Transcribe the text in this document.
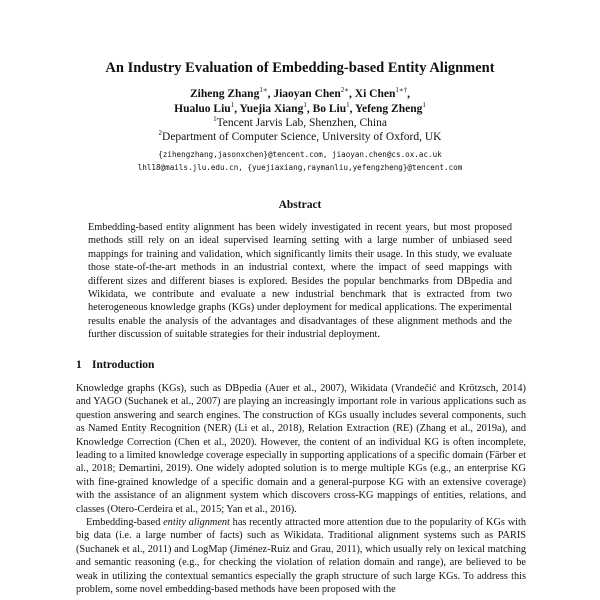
An Industry Evaluation of Embedding-based Entity Alignment
Ziheng Zhang$^{1∗}$, Jiaoyan Chen$^{2∗}$, Xi Chen$^{1∗\dagger}$,
Hualuo Liu$^1$, Yuejia Xiang$^1$, Bo Liu$^1$, Yefeng Zheng$^1$
$^1$Tencent Jarvis Lab, Shenzhen, China
$^2$Department of Computer Science, University of Oxford, UK
{zihengzhang,jasonxchen}@tencent.com, jiaoyan.chen@cs.ox.ac.uk
lhl18@mails.jlu.edu.cn, {yuejiaxiang,raymanliu,yefengzheng}@tencent.com
Abstract
Embedding-based entity alignment has been widely investigated in recent years, but most proposed methods still rely on an ideal supervised learning setting with a large number of unbiased seed mappings for training and validation, which significantly limits their usage. In this study, we evaluate those state-of-the-art methods in an industrial context, where the impact of seed mappings with different sizes and different biases is explored. Besides the popular benchmarks from DBpedia and Wikidata, we contribute and evaluate a new industrial benchmark that is extracted from two heterogeneous knowledge graphs (KGs) under deployment for medical applications. The experimental results enable the analysis of the advantages and disadvantages of these alignment methods and the further discussion of suitable strategies for their industrial deployment.
1 Introduction

Knowledge graphs (KGs), such as DBpedia (Auer et al., 2007), Wikidata (Vrandečić and Krötzsch, 2014) and YAGO (Suchanek et al., 2007) are playing an increasingly important role in various applications such as question answering and search engines. The construction of KGs usually includes several components, such as Named Entity Recognition (NER) (Li et al., 2018), Relation Extraction (RE) (Zhang et al., 2019a), and Knowledge Correction (Chen et al., 2020). However, the content of an individual KG is often incomplete, leading to a limited knowledge coverage especially in supporting applications of a specific domain (Färber et al., 2018; Demartini, 2019). One widely adopted solution is to merge multiple KGs (e.g., an enterprise KG with fine-grained knowledge of a specific domain and a general-purpose KG with an extensive coverage) with the assistance of an alignment system which discovers cross-KG mappings of entities, relations, and classes (Otero-Cerdeira et al., 2015; Yan et al., 2016).

Embedding-based entity alignment has recently attracted more attention due to the popularity of KGs with big data (i.e. a large number of facts) such as Wikidata. Traditional alignment systems such as PARIS (Suchanek et al., 2011) and LogMap (Jiménez-Ruiz and Grau, 2011), which usually rely on lexical matching and semantic reasoning (e.g., for checking the violation of relation domain and range), are believed to be weak in utilizing the contextual semantics especially the graph structure of such large KGs. To address this problem, some novel embedding-based methods have been proposed with the
